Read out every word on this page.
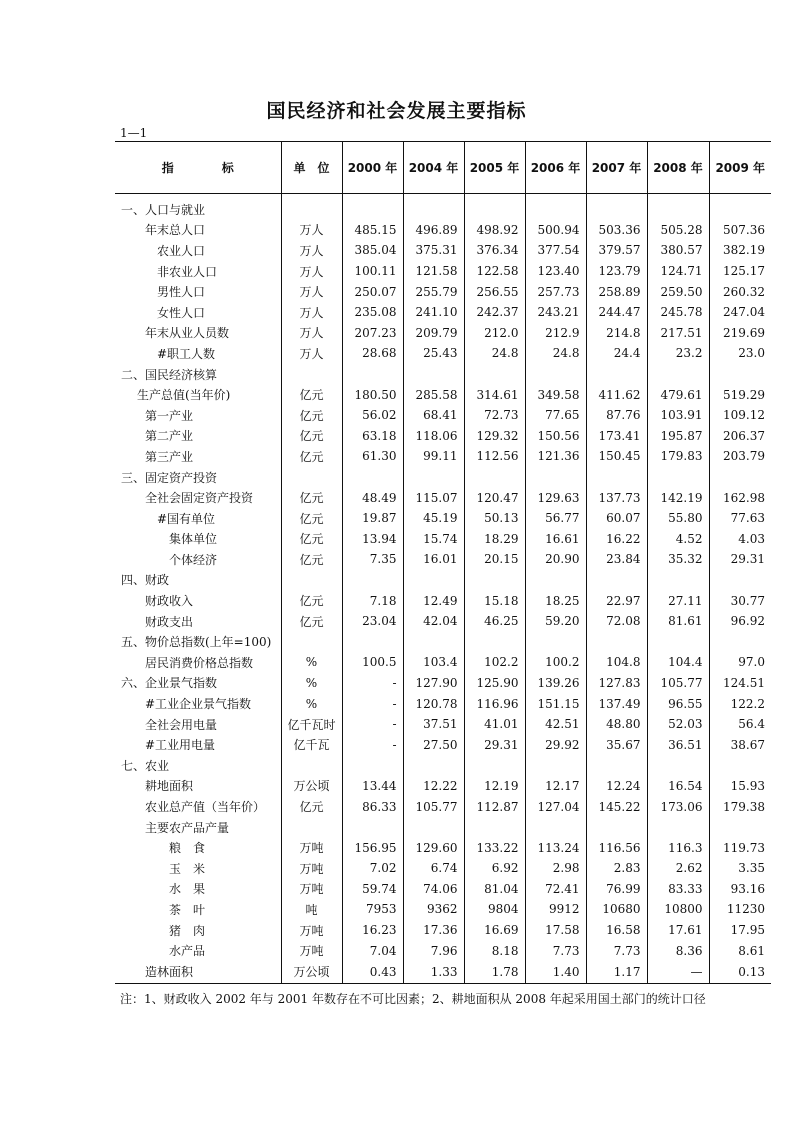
国民经济和社会发展主要指标
1—1
指　　　　标	单　位	2000 年	2004 年	2005 年	2006 年	2007 年	2008 年	2009 年
一、人口与就业								
年末总人口	万人	485.15	496.89	498.92	500.94	503.36	505.28	507.36
农业人口	万人	385.04	375.31	376.34	377.54	379.57	380.57	382.19
非农业人口	万人	100.11	121.58	122.58	123.40	123.79	124.71	125.17
男性人口	万人	250.07	255.79	256.55	257.73	258.89	259.50	260.32
女性人口	万人	235.08	241.10	242.37	243.21	244.47	245.78	247.04
年末从业人员数	万人	207.23	209.79	212.0	212.9	214.8	217.51	219.69
#职工人数	万人	28.68	25.43	24.8	24.8	24.4	23.2	23.0
二、国民经济核算								
生产总值(当年价)	亿元	180.50	285.58	314.61	349.58	411.62	479.61	519.29
第一产业	亿元	56.02	68.41	72.73	77.65	87.76	103.91	109.12
第二产业	亿元	63.18	118.06	129.32	150.56	173.41	195.87	206.37
第三产业	亿元	61.30	99.11	112.56	121.36	150.45	179.83	203.79
三、固定资产投资								
全社会固定资产投资	亿元	48.49	115.07	120.47	129.63	137.73	142.19	162.98
#国有单位	亿元	19.87	45.19	50.13	56.77	60.07	55.80	77.63
集体单位	亿元	13.94	15.74	18.29	16.61	16.22	4.52	4.03
个体经济	亿元	7.35	16.01	20.15	20.90	23.84	35.32	29.31
四、财政								
财政收入	亿元	7.18	12.49	15.18	18.25	22.97	27.11	30.77
财政支出	亿元	23.04	42.04	46.25	59.20	72.08	81.61	96.92
五、物价总指数(上年=100)								
居民消费价格总指数	%	100.5	103.4	102.2	100.2	104.8	104.4	97.0
六、企业景气指数	%	-	127.90	125.90	139.26	127.83	105.77	124.51
#工业企业景气指数	%	-	120.78	116.96	151.15	137.49	96.55	122.2
全社会用电量	亿千瓦时	-	37.51	41.01	42.51	48.80	52.03	56.4
#工业用电量	亿千瓦	-	27.50	29.31	29.92	35.67	36.51	38.67
七、农业								
耕地面积	万公顷	13.44	12.22	12.19	12.17	12.24	16.54	15.93
农业总产值（当年价）	亿元	86.33	105.77	112.87	127.04	145.22	173.06	179.38
主要农产品产量								
粮　食	万吨	156.95	129.60	133.22	113.24	116.56	116.3	119.73
玉　米	万吨	7.02	6.74	6.92	2.98	2.83	2.62	3.35
水　果	万吨	59.74	74.06	81.04	72.41	76.99	83.33	93.16
茶　叶	吨	7953	9362	9804	9912	10680	10800	11230
猪　肉	万吨	16.23	17.36	16.69	17.58	16.58	17.61	17.95
水产品	万吨	7.04	7.96	8.18	7.73	7.73	8.36	8.61
造林面积	万公顷	0.43	1.33	1.78	1.40	1.17	—	0.13
注：1、财政收入 2002 年与 2001 年数存在不可比因素；2、耕地面积从 2008 年起采用国土部门的统计口径
